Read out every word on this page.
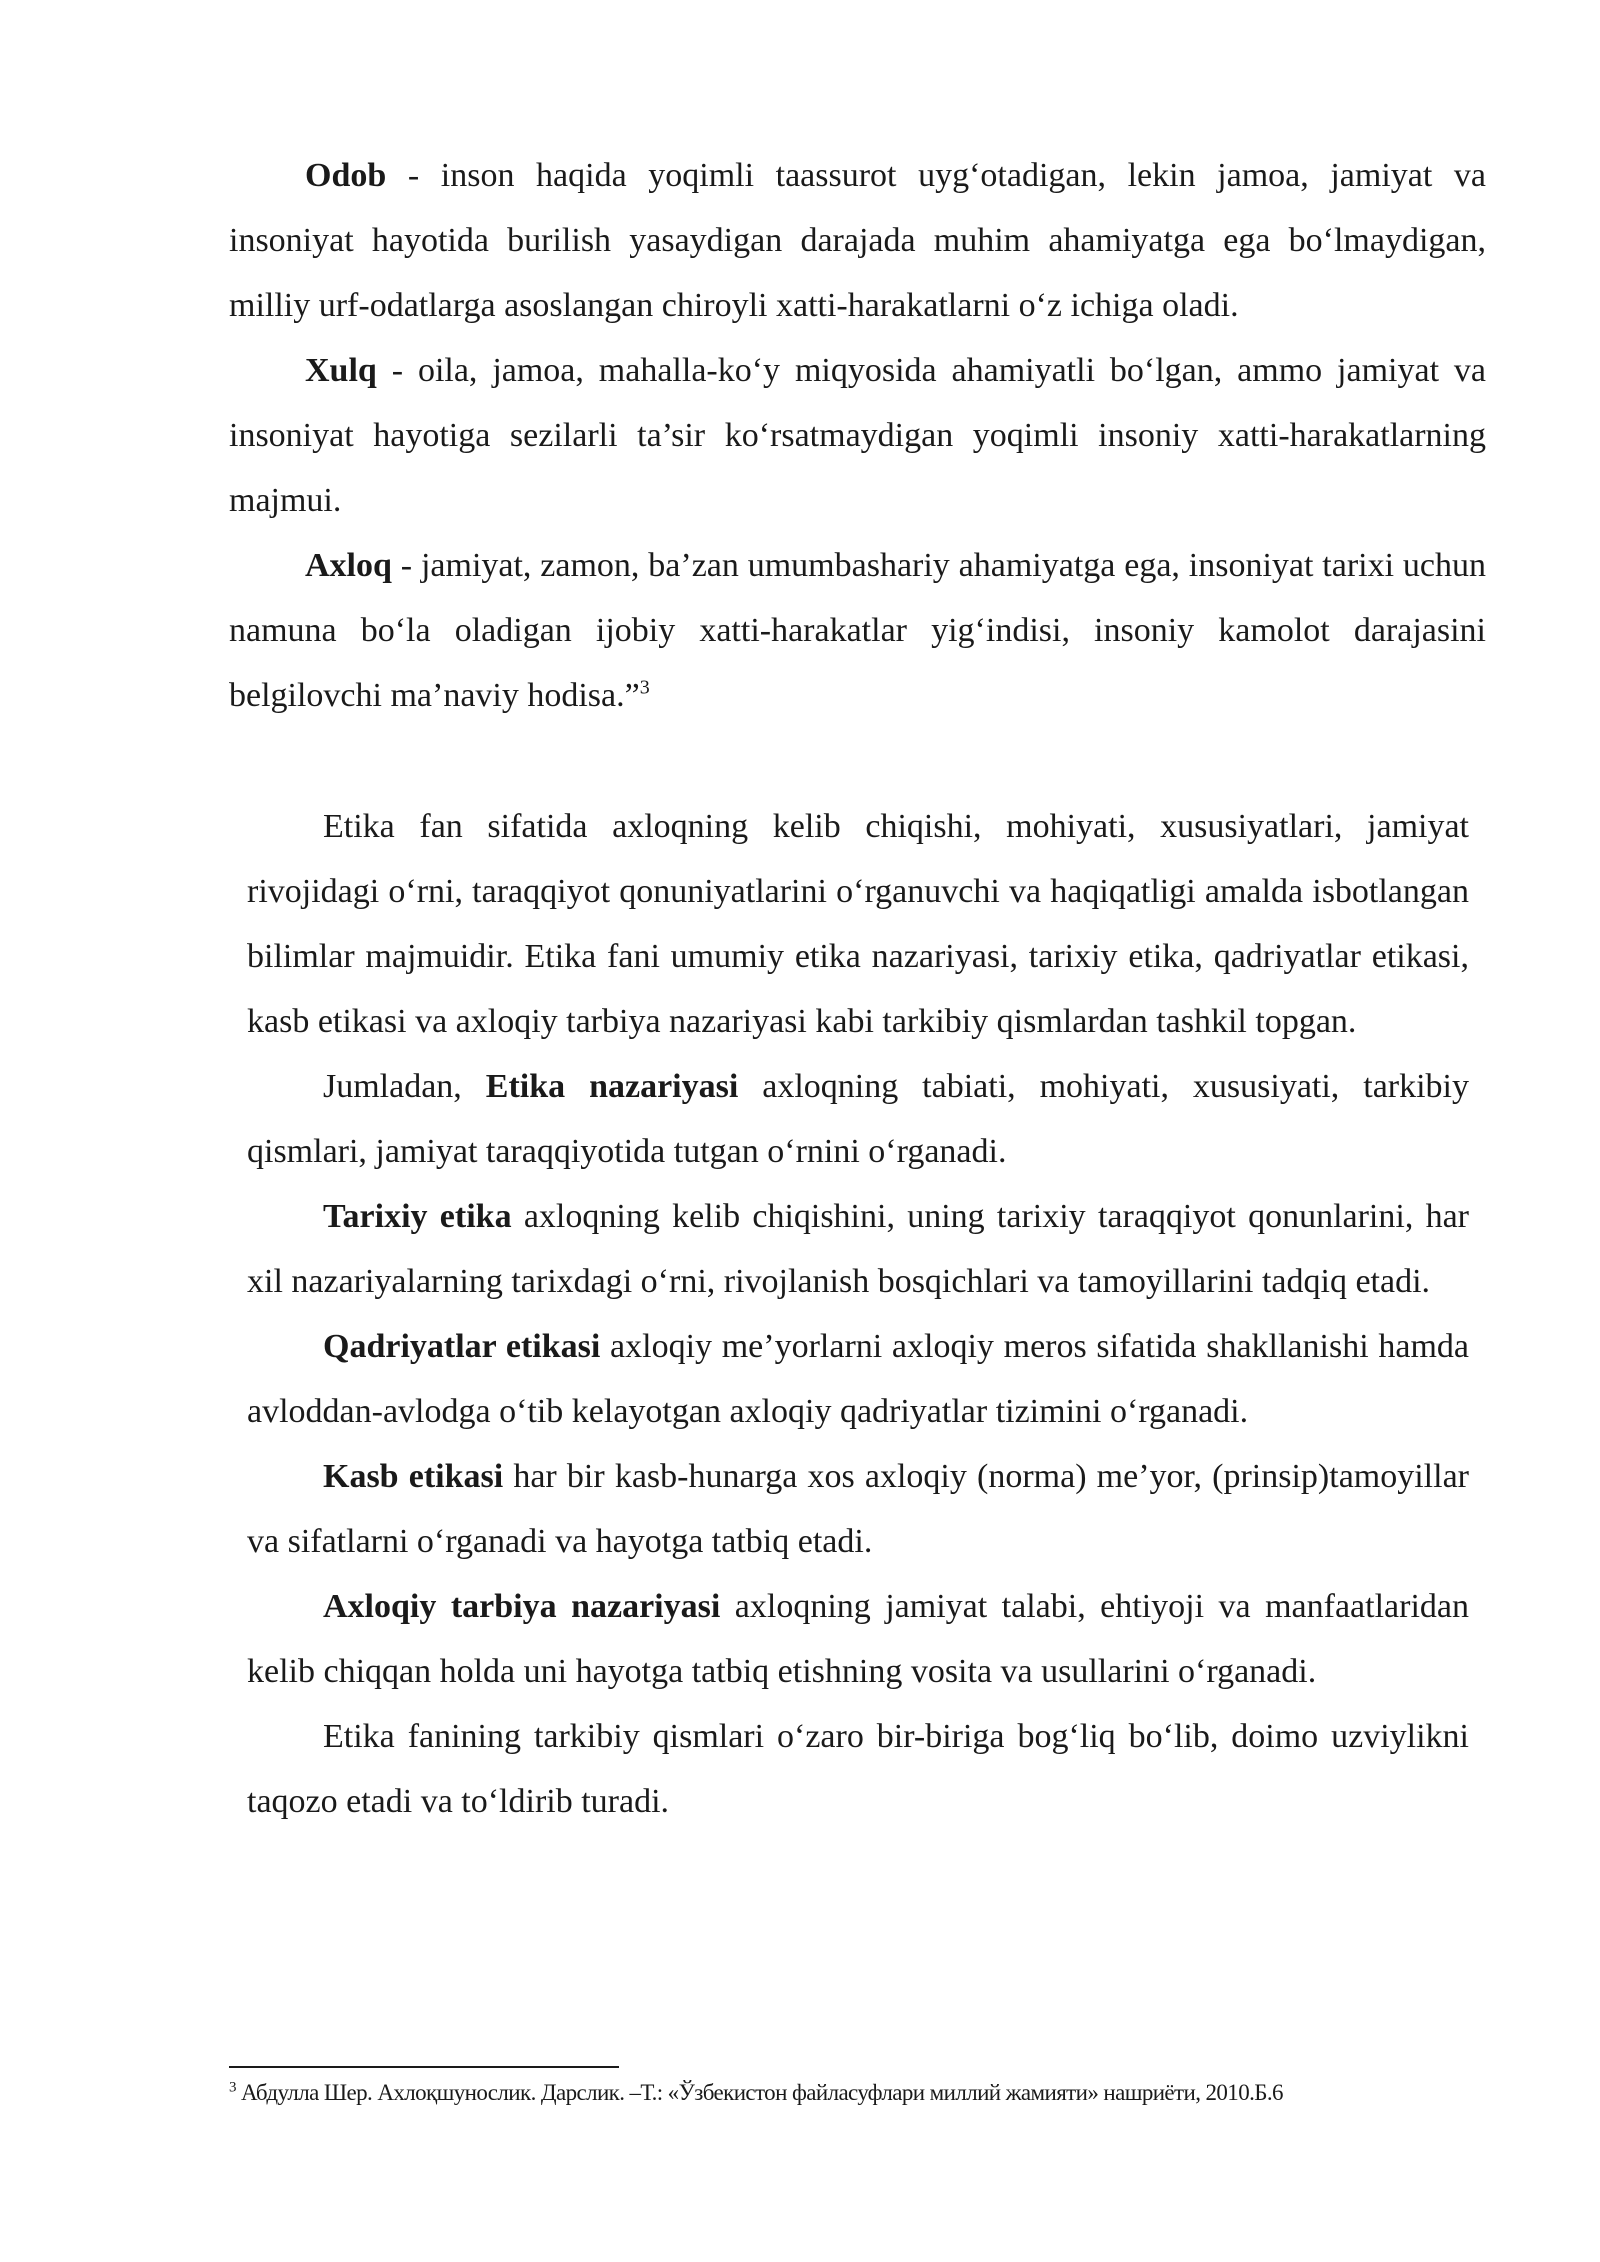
Odob - inson haqida yoqimli taassurot uyg‘otadigan, lekin jamoa, jamiyat va insoniyat hayotida burilish yasaydigan darajada muhim ahamiyatga ega bo‘lmaydigan, milliy urf-odatlarga asoslangan chiroyli xatti-harakatlarni o‘z ichiga oladi.

Xulq - oila, jamoa, mahalla-ko‘y miqyosida ahamiyatli bo‘lgan, ammo jamiyat va insoniyat hayotiga sezilarli ta’sir ko‘rsatmaydigan yoqimli insoniy xatti-harakatlarning majmui.

Axloq - jamiyat, zamon, ba’zan umumbashariy ahamiyatga ega, insoniyat tarixi uchun namuna bo‘la oladigan ijobiy xatti-harakatlar yig‘indisi, insoniy kamolot darajasini belgilovchi ma’naviy hodisa.”$^3$

Etika fan sifatida axloqning kelib chiqishi, mohiyati, xususiyatlari, jamiyat rivojidagi o‘rni, taraqqiyot qonuniyatlarini o‘rganuvchi va haqiqatligi amalda isbotlangan bilimlar majmuidir. Etika fani umumiy etika nazariyasi, tarixiy etika, qadriyatlar etikasi, kasb etikasi va axloqiy tarbiya nazariyasi kabi tarkibiy qismlardan tashkil topgan.

Jumladan, Etika nazariyasi axloqning tabiati, mohiyati, xususiyati, tarkibiy qismlari, jamiyat taraqqiyotida tutgan o‘rnini o‘rganadi.

Tarixiy etika axloqning kelib chiqishini, uning tarixiy taraqqiyot qonunlarini, har xil nazariyalarning tarixdagi o‘rni, rivojlanish bosqichlari va tamoyillarini tadqiq etadi.

Qadriyatlar etikasi axloqiy me’yorlarni axloqiy meros sifatida shakllanishi hamda avloddan-avlodga o‘tib kelayotgan axloqiy qadriyatlar tizimini o‘rganadi.

Kasb etikasi har bir kasb-hunarga xos axloqiy (norma) me’yor, (prinsip)tamoyillar va sifatlarni o‘rganadi va hayotga tatbiq etadi.

Axloqiy tarbiya nazariyasi axloqning jamiyat talabi, ehtiyoji va manfaatlaridan kelib chiqqan holda uni hayotga tatbiq etishning vosita va usullarini o‘rganadi.

Etika fanining tarkibiy qismlari o‘zaro bir-biriga bog‘liq bo‘lib, doimo uzviylikni taqozo etadi va to‘ldirib turadi.

$^3$ Абдулла Шер. Ахлоқшунослик. Дарслик. –Т.: «Ўзбекистон файласуфлари миллий жамияти» нашриёти, 2010.Б.6
